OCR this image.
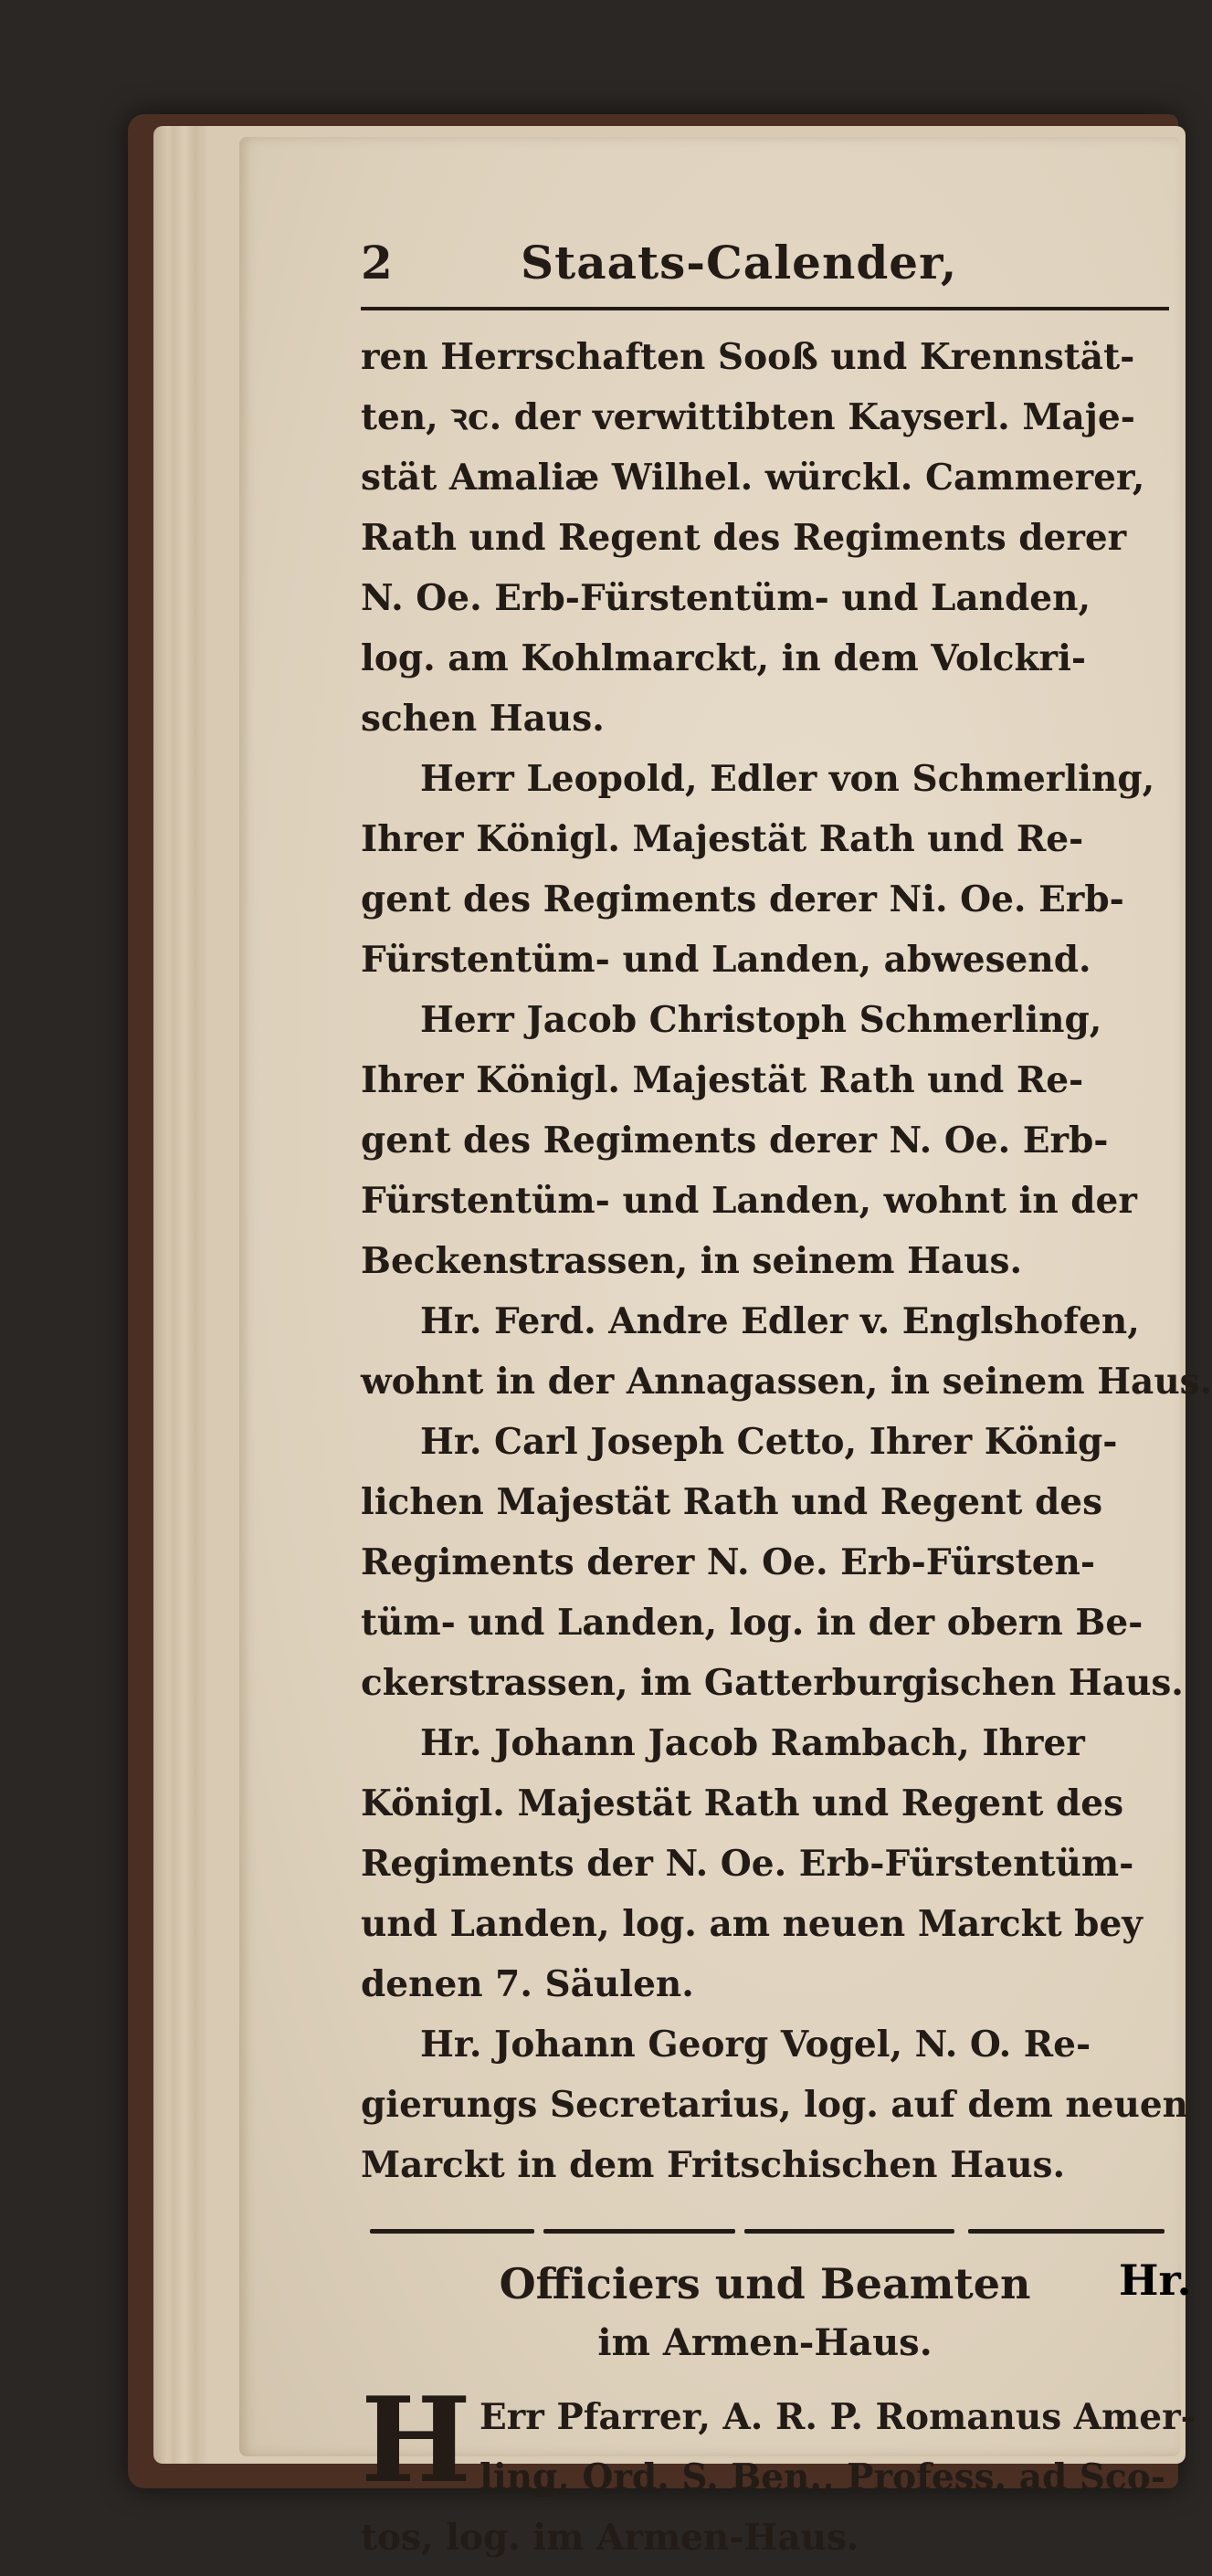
2	Staats-Calender,
ren Herrschaften Sooß und Krennstät-
ten, ꝛc. der verwittibten Kayserl. Maje-
stät Amaliæ Wilhel. würckl. Cammerer,
Rath und Regent des Regiments derer
N. Oe. Erb-Fürstentüm- und Landen,
log. am Kohlmarckt, in dem Volckri-
schen Haus.
Herr Leopold, Edler von Schmerling,
Ihrer Königl. Majestät Rath und Re-
gent des Regiments derer Ni. Oe. Erb-
Fürstentüm- und Landen, abwesend.
Herr Jacob Christoph Schmerling,
Ihrer Königl. Majestät Rath und Re-
gent des Regiments derer N. Oe. Erb-
Fürstentüm- und Landen, wohnt in der
Beckenstrassen, in seinem Haus.
Hr. Ferd. Andre Edler v. Englshofen,
wohnt in der Annagassen, in seinem Haus.
Hr. Carl Joseph Cetto, Ihrer König-
lichen Majestät Rath und Regent des
Regiments derer N. Oe. Erb-Fürsten-
tüm- und Landen, log. in der obern Be-
ckerstrassen, im Gatterburgischen Haus.
Hr. Johann Jacob Rambach, Ihrer
Königl. Majestät Rath und Regent des
Regiments der N. Oe. Erb-Fürstentüm-
und Landen, log. am neuen Marckt bey
denen 7. Säulen.
Hr. Johann Georg Vogel, N. O. Re-
gierungs Secretarius, log. auf dem neuen
Marckt in dem Fritschischen Haus.
Officiers und Beamten
im Armen-Haus.
H Err Pfarrer, A. R. P. Romanus Amer-
ling, Ord. S. Ben., Profess. ad Sco-
tos, log. im Armen-Haus.
Hr.
